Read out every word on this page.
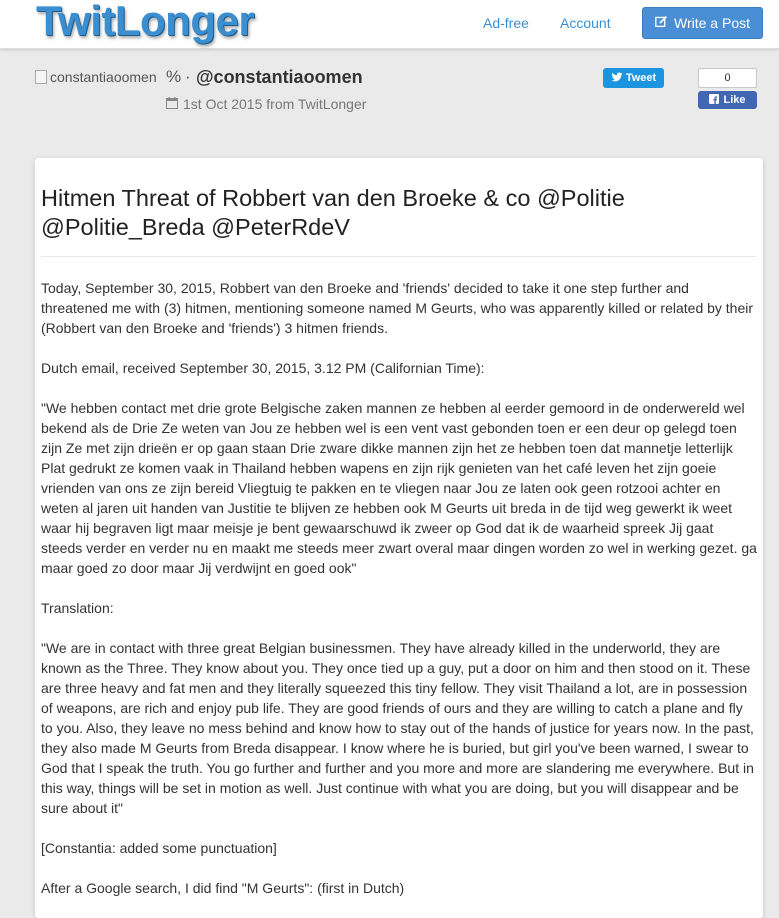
TwitLonger	Ad-free Account	Write a Post
constantiaoomen % · @constantiaoomen
1st Oct 2015 from TwitLonger
Tweet	0
Like
Hitmen Threat of Robbert van den Broeke & co @Politie @Politie_Breda @PeterRdeV

Today, September 30, 2015, Robbert van den Broeke and 'friends' decided to take it one step further and threatened me with (3) hitmen, mentioning someone named M Geurts, who was apparently killed or related by their (Robbert van den Broeke and 'friends') 3 hitmen friends.

Dutch email, received September 30, 2015, 3.12 PM (Californian Time):

"We hebben contact met drie grote Belgische zaken mannen ze hebben al eerder gemoord in de onderwereld wel bekend als de Drie Ze weten van Jou ze hebben wel is een vent vast gebonden toen er een deur op gelegd toen zijn Ze met zijn drieën er op gaan staan Drie zware dikke mannen zijn het ze hebben toen dat mannetje letterlijk Plat gedrukt ze komen vaak in Thailand hebben wapens en zijn rijk genieten van het café leven het zijn goeie vrienden van ons ze zijn bereid Vliegtuig te pakken en te vliegen naar Jou ze laten ook geen rotzooi achter en weten al jaren uit handen van Justitie te blijven ze hebben ook M Geurts uit breda in de tijd weg gewerkt ik weet waar hij begraven ligt maar meisje je bent gewaarschuwd ik zweer op God dat ik de waarheid spreek Jij gaat steeds verder en verder nu en maakt me steeds meer zwart overal maar dingen worden zo wel in werking gezet. ga maar goed zo door maar Jij verdwijnt en goed ook"

Translation:

"We are in contact with three great Belgian businessmen. They have already killed in the underworld, they are known as the Three. They know about you. They once tied up a guy, put a door on him and then stood on it. These are three heavy and fat men and they literally squeezed this tiny fellow. They visit Thailand a lot, are in possession of weapons, are rich and enjoy pub life. They are good friends of ours and they are willing to catch a plane and fly to you. Also, they leave no mess behind and know how to stay out of the hands of justice for years now. In the past, they also made M Geurts from Breda disappear. I know where he is buried, but girl you've been warned, I swear to God that I speak the truth. You go further and further and you more and more are slandering me everywhere. But in this way, things will be set in motion as well. Just continue with what you are doing, but you will disappear and be sure about it"

[Constantia: added some punctuation]

After a Google search, I did find "M Geurts": (first in Dutch)
